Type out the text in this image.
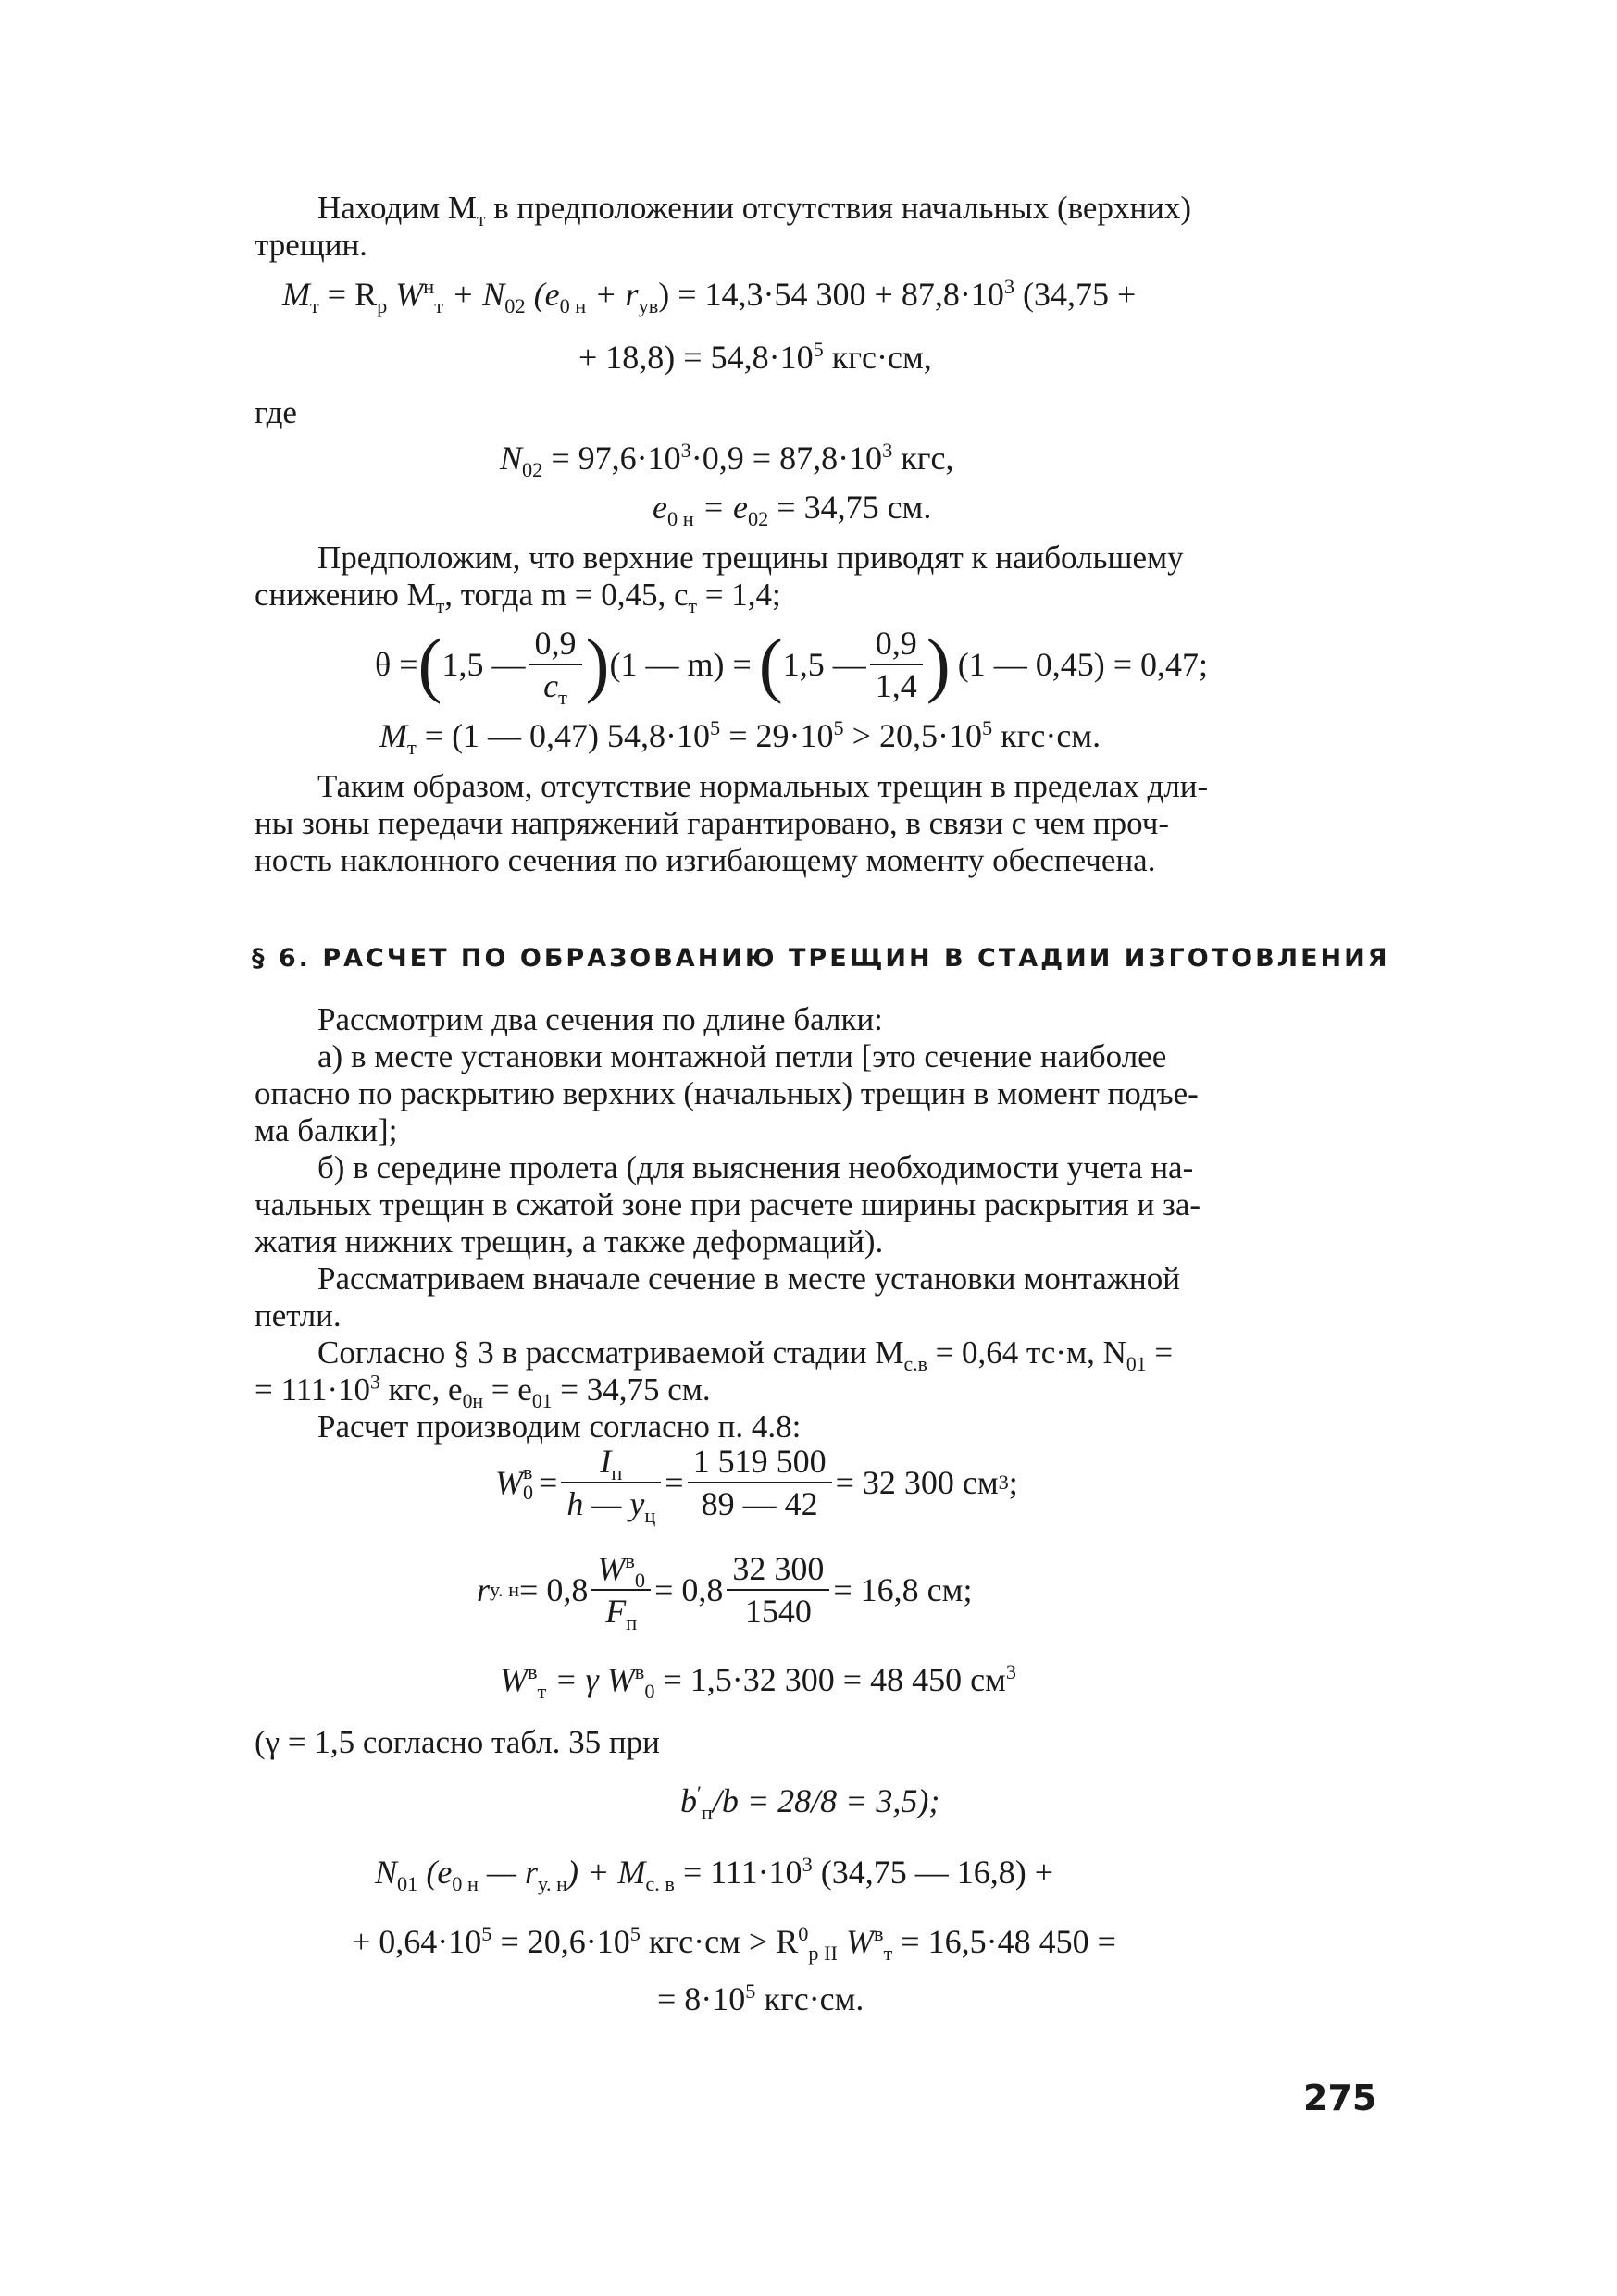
Находим $M_т$ в предположении отсутствия начальных (верхних)

трещин.

$M_т = R_р$ $W^н_т + N_{02}$ $(e_{0 н} + r_{ув}) = 14,3\cdot 54$ $300 + 87,8\cdot 10^3$ (34,75 +
+ $18,8) = 54,8\cdot 10^5$ кгс·см,
где
$N_{02} = 97,6\cdot 10^3\cdot 0,9 = 87,8\cdot 10^3$ кгс,
$e_{0 н} = e_{02} = 34,75$ см.

Предположим, что верхние трещины приводят к наибольшему

снижению $M_т$, тогда m = 0,45, $c_т = 1,4$;

θ = ( 1,5 — $\frac{0,9}{c_т}$ ) (1 — m) = ( 1,5 — $\frac{0,9}{1,4}$ ) (1 — 0,45) = 0,47;
$M_т = (1$ — 0,47) $54,8\cdot 10^5 = 29\cdot 10^5 > 20,5\cdot 10^5$ кгс·см.

Таким образом, отсутствие нормальных трещин в пределах дли-

ны зоны передачи напряжений гарантировано, в связи с чем проч-

ность наклонного сечения по изгибающему моменту обеспечена.

§ 6. РАСЧЕТ ПО ОБРАЗОВАНИЮ ТРЕЩИН В СТАДИИ ИЗГОТОВЛЕНИЯ

Рассмотрим два сечения по длине балки:

а) в месте установки монтажной петли [это сечение наиболее

опасно по раскрытию верхних (начальных) трещин в момент подъе-

ма балки];

б) в середине пролета (для выяснения необходимости учета на-

чальных трещин в сжатой зоне при расчете ширины раскрытия и за-

жатия нижних трещин, а также деформаций).

Рассматриваем вначале сечение в месте установки монтажной

петли.

Согласно § 3 в рассматриваемой стадии $M_{с.в} = 0,64$ тс·м, $N_{01}$ =

= $111\cdot 10^3$ кгс, $e_{0н} = e_{01} = 34,75$ см.

Расчет производим согласно п. 4.8:

W в
$0 = \frac{I_п}{h — y_ц} = \frac{1 519 500}{89 — 42} = 32$ 300 см 3 ;
r у. $н = 0,8 \frac{W^в_0}{F_п} = 0,8 \frac{32 300}{1540} = 16,8$ см;
$W^в_т = \gamma$ $W^в_0 = 1,5\cdot 32$ 300 = 48 450 $см^3$
(γ = 1,5 согласно табл. 35 при
$b'_п/b = 28/8 = 3,5$);
$N_{01}$ ($e_{0 н}$ — $r_{у. н}) + M_{с. в} = 111\cdot 10^3$ (34,75 — 16,8) +
+ $0,64\cdot 10^5 = 20,6\cdot 10^5$ $кгс\cdot см > R^0_{р II}$ $W^в_т = 16,5\cdot 48$ 450 =
= $8\cdot 10^5$ кгс·см.
275
